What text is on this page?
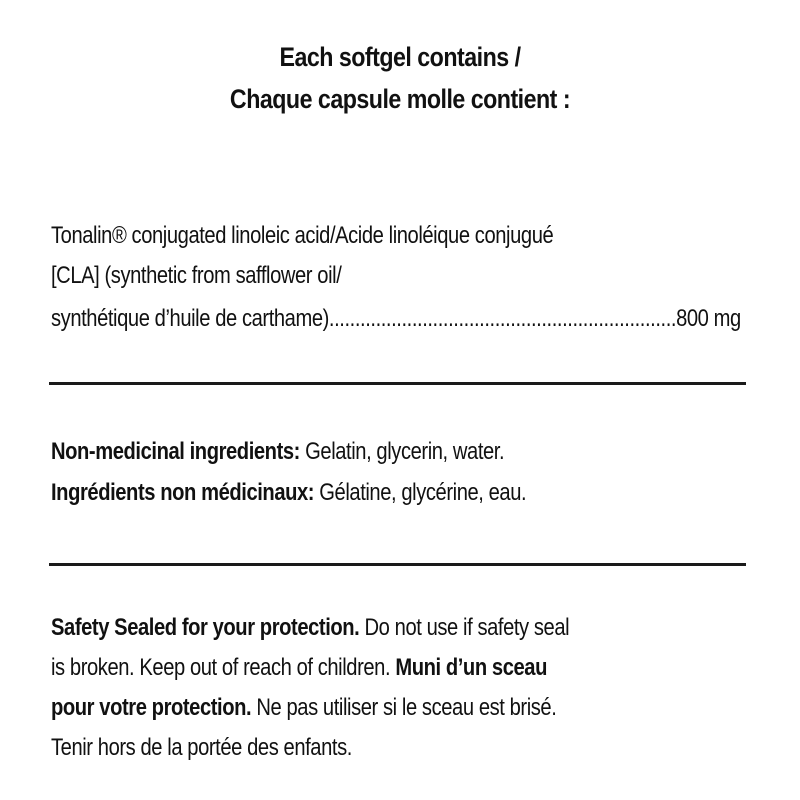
Each softgel contains /
Chaque capsule molle contient :
Tonalin® conjugated linoleic acid/Acide linoléique conjugué
[CLA] (synthetic from safflower oil/
synthétique d’huile de carthame) ................................................................... 800 mg
Non-medicinal ingredients: Gelatin, glycerin, water.
Ingrédients non médicinaux: Gélatine, glycérine, eau.
Safety Sealed for your protection. Do not use if safety seal
is broken. Keep out of reach of children. Muni d’un sceau
pour votre protection. Ne pas utiliser si le sceau est brisé.
Tenir hors de la portée des enfants.
